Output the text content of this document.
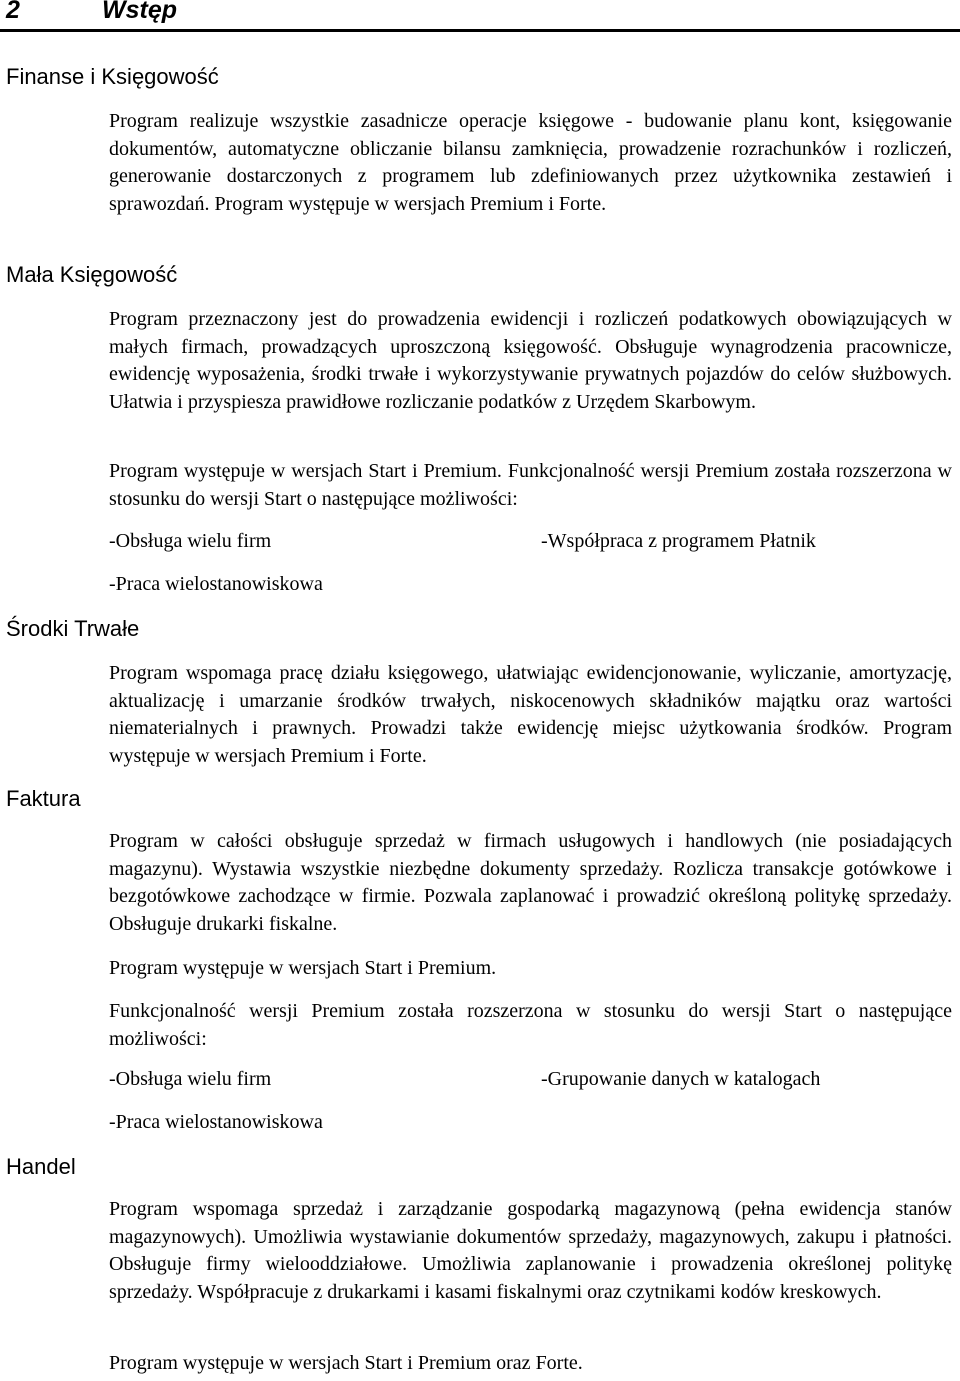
2	Wstęp
Finanse i Księgowość
Program realizuje wszystkie zasadnicze operacje księgowe - budowanie planu kont, księgowanie dokumentów, automatyczne obliczanie bilansu zamknięcia, prowadzenie rozrachunków i rozliczeń, generowanie dostarczonych z programem lub zdefiniowanych przez użytkownika zestawień i sprawozdań. Program występuje w wersjach Premium i Forte.
Mała Księgowość
Program przeznaczony jest do prowadzenia ewidencji i rozliczeń podatkowych obowiązujących w małych firmach, prowadzących uproszczoną księgowość. Obsługuje wynagrodzenia pracownicze, ewidencję wyposażenia, środki trwałe i wykorzystywanie prywatnych pojazdów do celów służbowych. Ułatwia i przyspiesza prawidłowe rozliczanie podatków z Urzędem Skarbowym.
Program występuje w wersjach Start i Premium. Funkcjonalność wersji Premium została rozszerzona w stosunku do wersji Start o następujące możliwości:
-Obsługa wielu firm	-Współpraca z programem Płatnik
-Praca wielostanowiskowa
Środki Trwałe
Program wspomaga pracę działu księgowego, ułatwiając ewidencjonowanie, wyliczanie, amortyzację, aktualizację i umarzanie środków trwałych, niskocenowych składników majątku oraz wartości niematerialnych i prawnych. Prowadzi także ewidencję miejsc użytkowania środków. Program występuje w wersjach Premium i Forte.
Faktura
Program w całości obsługuje sprzedaż w firmach usługowych i handlowych (nie posiadających magazynu). Wystawia wszystkie niezbędne dokumenty sprzedaży. Rozlicza transakcje gotówkowe i bezgotówkowe zachodzące w firmie. Pozwala zaplanować i prowadzić określoną politykę sprzedaży. Obsługuje drukarki fiskalne.
Program występuje w wersjach Start i Premium.
Funkcjonalność wersji Premium została rozszerzona w stosunku do wersji Start o następujące możliwości:
-Obsługa wielu firm	-Grupowanie danych w katalogach
-Praca wielostanowiskowa
Handel
Program wspomaga sprzedaż i zarządzanie gospodarką magazynową (pełna ewidencja stanów magazynowych). Umożliwia wystawianie dokumentów sprzedaży, magazynowych, zakupu i płatności. Obsługuje firmy wielooddziałowe. Umożliwia zaplanowanie i prowadzenia określonej politykę sprzedaży. Współpracuje z drukarkami i kasami fiskalnymi oraz czytnikami kodów kreskowych.
Program występuje w wersjach Start i Premium oraz Forte.
